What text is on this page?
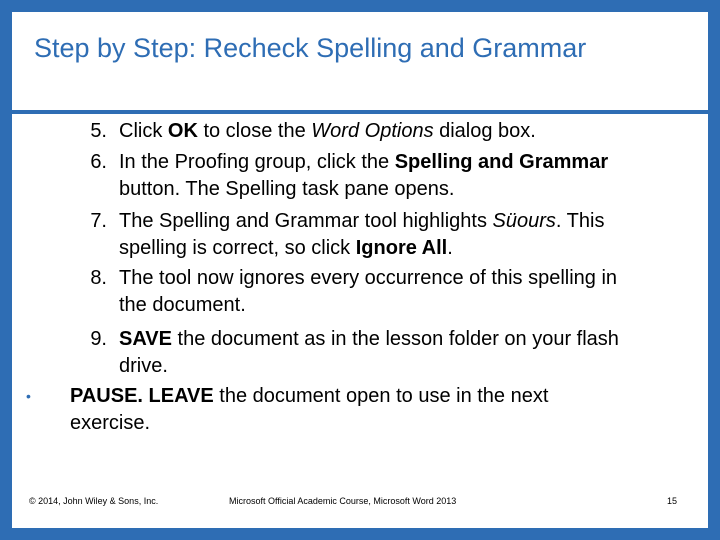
Step by Step: Recheck Spelling and Grammar
5. Click OK to close the Word Options dialog box.
6. In the Proofing group, click the Spelling and Grammar
button. The Spelling task pane opens.
7. The Spelling and Grammar tool highlights Süours. This
spelling is correct, so click Ignore All.
8. The tool now ignores every occurrence of this spelling in
the document.
9. SAVE the document as in the lesson folder on your flash
drive.
• PAUSE. LEAVE the document open to use in the next
exercise.
© 2014, John Wiley & Sons, Inc.	Microsoft Official Academic Course, Microsoft Word 2013	15
